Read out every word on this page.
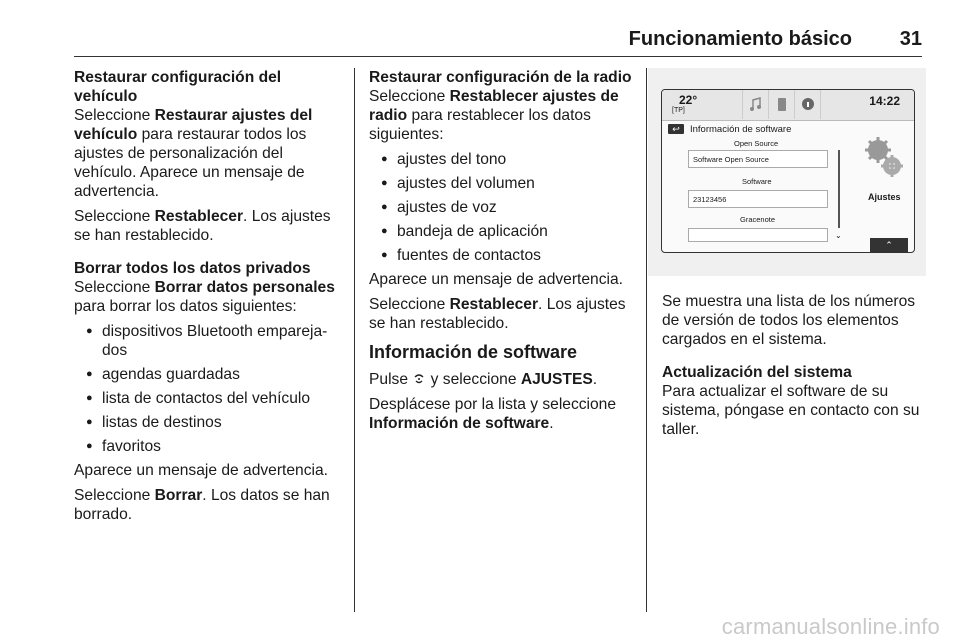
Funcionamiento básico 31

Restaurar configuración del vehículo

Seleccione Restaurar ajustes del vehículo para restaurar todos los ajustes de personalización del vehículo. Aparece un mensaje de advertencia.

Seleccione Restablecer. Los ajustes se han restablecido.

Borrar todos los datos privados

Seleccione Borrar datos personales para borrar los datos siguientes:

● dispositivos Bluetooth empareja‐ dos
● agendas guardadas
● lista de contactos del vehículo
● listas de destinos
● favoritos

Aparece un mensaje de advertencia.

Seleccione Borrar. Los datos se han borrado.

Restaurar configuración de la radio

Seleccione Restablecer ajustes de radio para restablecer los datos siguientes:

● ajustes del tono
● ajustes del volumen
● ajustes de voz
● bandeja de aplicación
● fuentes de contactos

Aparece un mensaje de advertencia.

Seleccione Restablecer. Los ajustes se han restablecido.

Información de software

Pulse  y seleccione AJUSTES.

Desplácese por la lista y seleccione Información de software.

22°
[TP]
14:22
↩	Información de software
Open Source
Software Open Source
Software
23123456
Gracenote
⌄
Ajustes
⌃

Se muestra una lista de los números de versión de todos los elementos cargados en el sistema.

Actualización del sistema

Para actualizar el software de su sistema, póngase en contacto con su taller.

carmanualsonline.info
